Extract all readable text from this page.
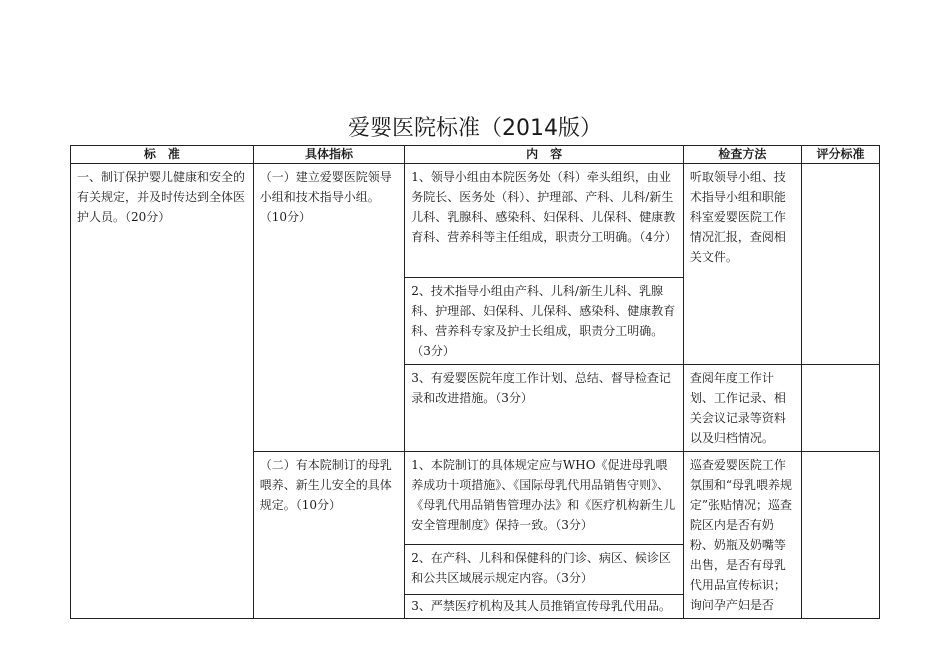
爱婴医院标准（2014版）
标　准	具体指标	内　容	检查方法	评分标准
一、制订保护婴儿健康和安全的有关规定，并及时传达到全体医护人员。（20分）	（一）建立爱婴医院领导小组和技术指导小组。（10分）	1、领导小组由本院医务处（科）牵头组织，由业务院长、医务处（科）、护理部、产科、儿科/新生儿科、乳腺科、感染科、妇保科、儿保科、健康教育科、营养科等主任组成，职责分工明确。（4分）	听取领导小组、技术指导小组和职能科室爱婴医院工作情况汇报，查阅相关文件。	
		2、技术指导小组由产科、儿科/新生儿科、乳腺科、护理部、妇保科、儿保科、感染科、健康教育科、营养科专家及护士长组成，职责分工明确。（3分）		
		3、有爱婴医院年度工作计划、总结、督导检查记录和改进措施。（3分）	查阅年度工作计划、工作记录、相关会议记录等资料以及归档情况。	
	（二）有本院制订的母乳喂养、新生儿安全的具体规定。（10分）	1、本院制订的具体规定应与WHO《促进母乳喂养成功十项措施》、《国际母乳代用品销售守则》、《母乳代用品销售管理办法》和《医疗机构新生儿安全管理制度》保持一致。（3分）	巡查爱婴医院工作氛围和“母乳喂养规定”张贴情况；巡查院区内是否有奶粉、奶瓶及奶嘴等出售，是否有母乳代用品宣传标识；询问孕产妇是否	
		2、在产科、儿科和保健科的门诊、病区、候诊区和公共区域展示规定内容。（3分）		
		3、严禁医疗机构及其人员推销宣传母乳代用品。		
